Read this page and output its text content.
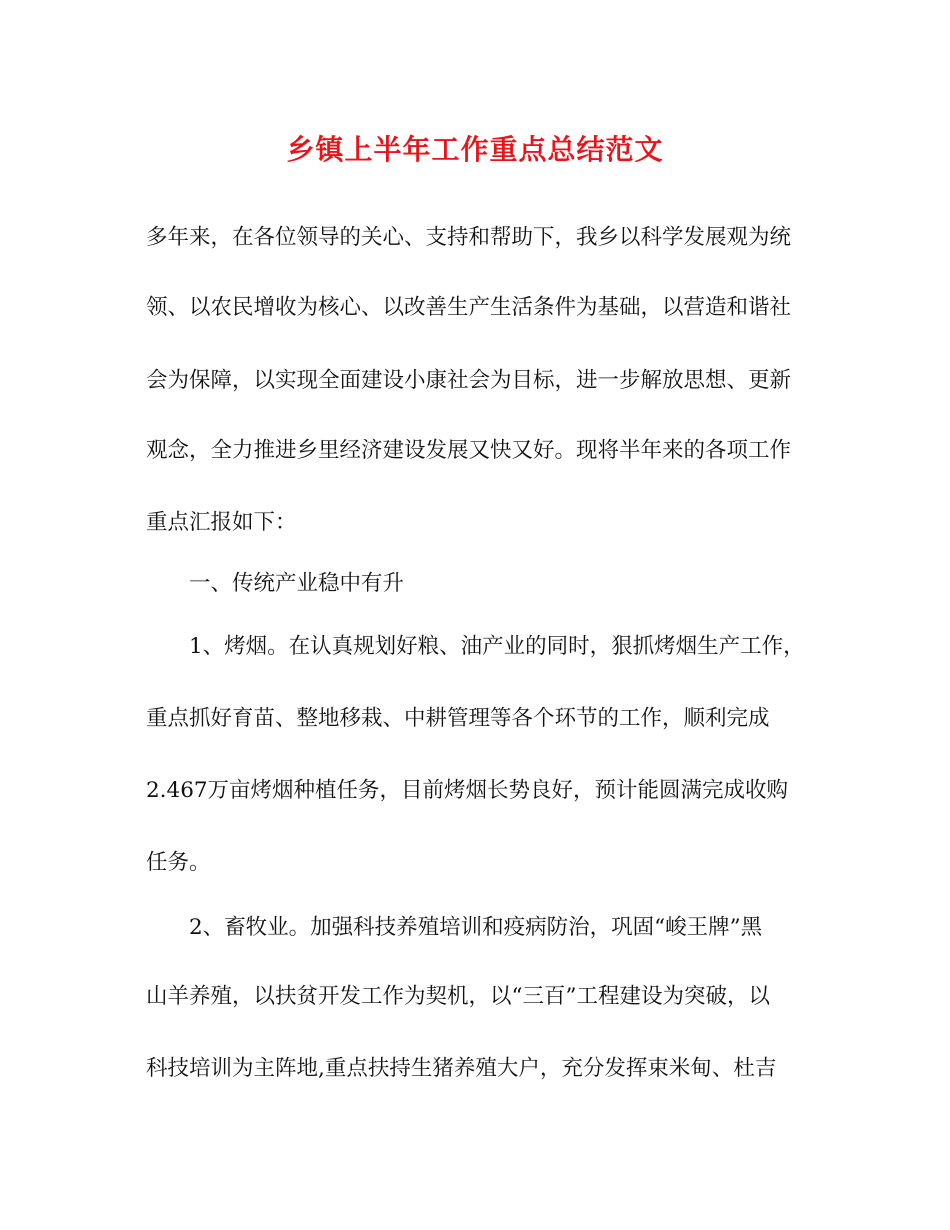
乡镇上半年工作重点总结范文

多年来，在各位领导的关心、支持和帮助下，我乡以科学发展观为统

领、以农民增收为核心、以改善生产生活条件为基础，以营造和谐社

会为保障，以实现全面建设小康社会为目标，进一步解放思想、更新

观念，全力推进乡里经济建设发展又快又好。现将半年来的各项工作

重点汇报如下：

一、传统产业稳中有升

1、烤烟。在认真规划好粮、油产业的同时，狠抓烤烟生产工作，

重点抓好育苗、整地移栽、中耕管理等各个环节的工作，顺利完成

2.467万亩烤烟种植任务，目前烤烟长势良好，预计能圆满完成收购

任务。

2、畜牧业。加强科技养殖培训和疫病防治，巩固“峻王牌”黑

山羊养殖，以扶贫开发工作为契机，以“三百”工程建设为突破，以

科技培训为主阵地,重点扶持生猪养殖大户，充分发挥束米甸、杜吉
